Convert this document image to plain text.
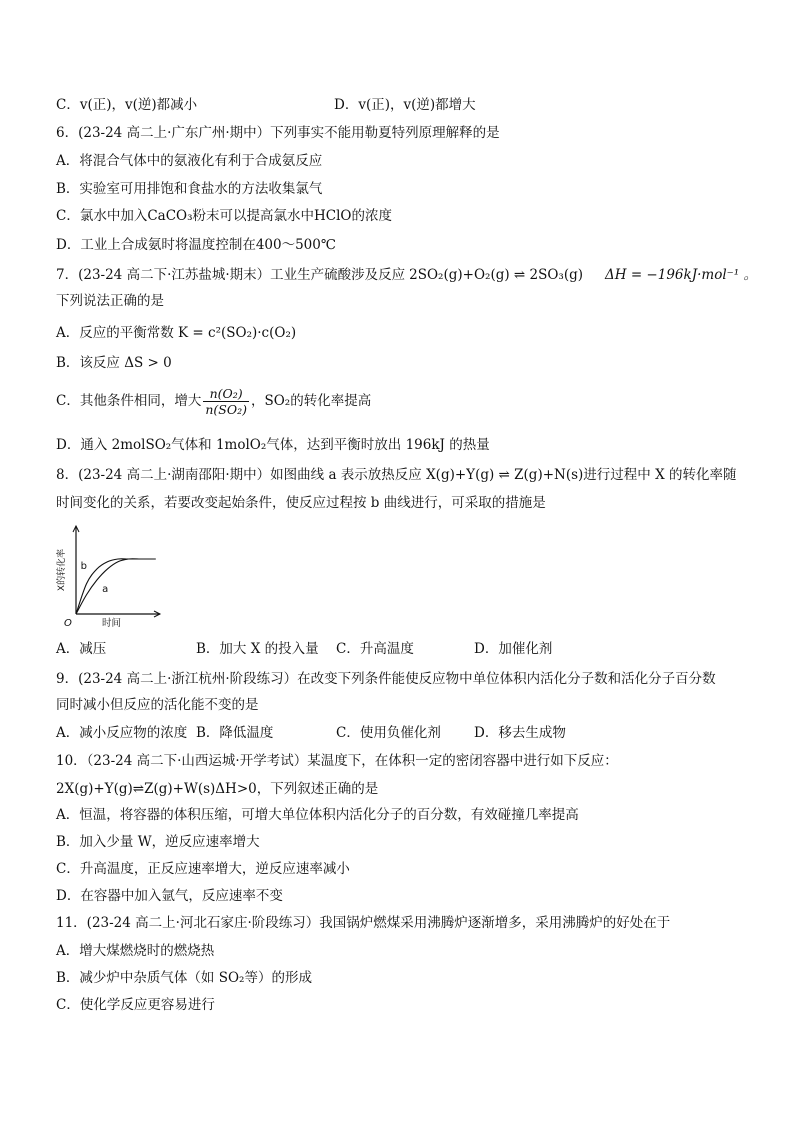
C．v(正)，v(逆)都减小	D．v(正)，v(逆)都增大
6．(23-24 高二上·广东广州·期中）下列事实不能用勒夏特列原理解释的是
A．将混合气体中的氨液化有利于合成氨反应
B．实验室可用排饱和食盐水的方法收集氯气
C．氯水中加入CaCO₃粉末可以提高氯水中HClO的浓度
D．工业上合成氨时将温度控制在400～500℃
7．(23-24 高二下·江苏盐城·期末）工业生产硫酸涉及反应 2SO₂(g)+O₂(g) ⇌ 2SO₃(g) ΔH = −196kJ·mol⁻¹ 。
下列说法正确的是
A．反应的平衡常数 K = c²(SO₂)·c(O₂)
B．该反应 ΔS > 0
C．其他条件相同，增大 $\frac{\text{n(O₂)}}{\text{n(SO₂)}}$ ，SO₂的转化率提高
D．通入 2molSO₂气体和 1molO₂气体，达到平衡时放出 196kJ 的热量
8．(23-24 高二上·湖南邵阳·期中）如图曲线 a 表示放热反应 X(g)+Y(g) ⇌ Z(g)+N(s)进行过程中 X 的转化率随
时间变化的关系，若要改变起始条件，使反应过程按 b 曲线进行，可采取的措施是
b
a
O	时间
X的转化率
A．减压	B．加大 X 的投入量 C．升高温度	D．加催化剂
9．(23-24 高二上·浙江杭州·阶段练习）在改变下列条件能使反应物中单位体积内活化分子数和活化分子百分数
同时减小但反应的活化能不变的是
A．减小反应物的浓度 B．降低温度	C．使用负催化剂 D．移去生成物
10．（23-24 高二下·山西运城·开学考试）某温度下，在体积一定的密闭容器中进行如下反应：
2X(g)+Y(g)⇌Z(g)+W(s)ΔH>0，下列叙述正确的是
A．恒温，将容器的体积压缩，可增大单位体积内活化分子的百分数，有效碰撞几率提高
B．加入少量 W，逆反应速率增大
C．升高温度，正反应速率增大，逆反应速率减小
D．在容器中加入氩气，反应速率不变
11．(23-24 高二上·河北石家庄·阶段练习）我国锅炉燃煤采用沸腾炉逐渐增多，采用沸腾炉的好处在于
A．增大煤燃烧时的燃烧热
B．减少炉中杂质气体（如 SO₂等）的形成
C．使化学反应更容易进行
